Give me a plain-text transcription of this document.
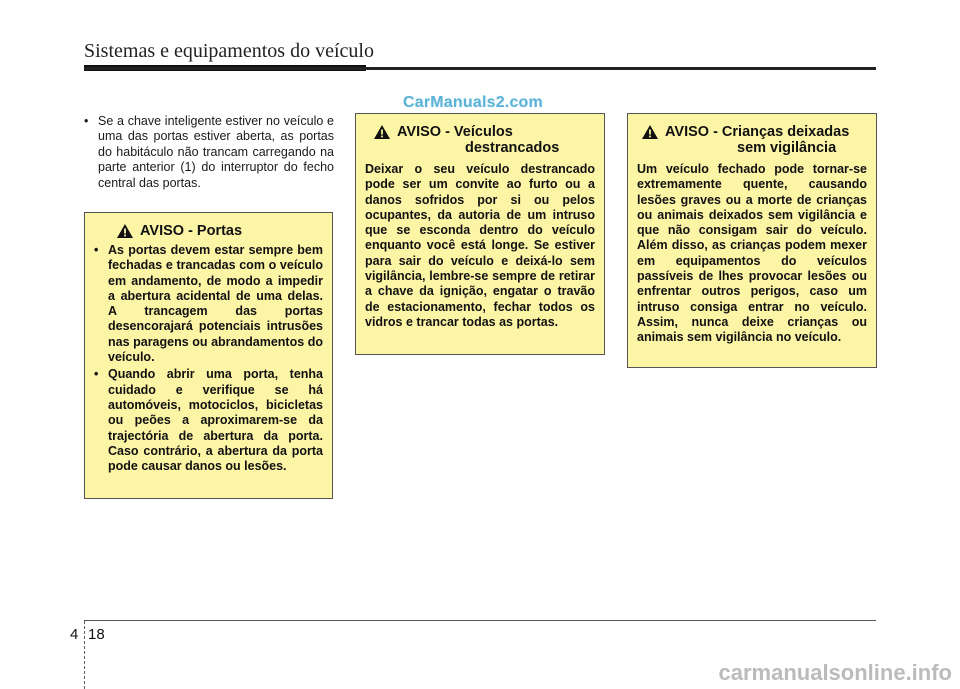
Sistemas e equipamentos do veículo
CarManuals2.com
• Se a chave inteligente estiver no veículo e uma das portas estiver aberta, as portas do habitáculo não trancam carregando na parte anterior (1) do interruptor do fecho central das portas.
AVISO - Portas
• As portas devem estar sempre bem fechadas e trancadas com o veículo em andamento, de modo a impedir a abertura acidental de uma delas. A trancagem das portas desencorajará potenciais intrusões nas paragens ou abrandamentos do veículo.
• Quando abrir uma porta, tenha cuidado e verifique se há automóveis, motociclos, bicicletas ou peões a aproximarem-se da trajectória de abertura da porta. Caso contrário, a abertura da porta pode causar danos ou lesões.
AVISO - Veículos
destrancados
Deixar o seu veículo destrancado pode ser um convite ao furto ou a danos sofridos por si ou pelos ocupantes, da autoria de um intruso que se esconda dentro do veículo enquanto você está longe. Se estiver para sair do veículo e deixá-lo sem vigilância, lembre-se sempre de retirar a chave da ignição, engatar o travão de estacionamento, fechar todos os vidros e trancar todas as portas.
AVISO - Crianças deixadas
sem vigilância
Um veículo fechado pode tornar-se extremamente quente, causando lesões graves ou a morte de crianças ou animais deixados sem vigilância e que não consigam sair do veículo. Além disso, as crianças podem mexer em equipamentos do veículos passíveis de lhes provocar lesões ou enfrentar outros perigos, caso um intruso consiga entrar no veículo. Assim, nunca deixe crianças ou animais sem vigilância no veículo.
4 18
carmanualsonline.info
